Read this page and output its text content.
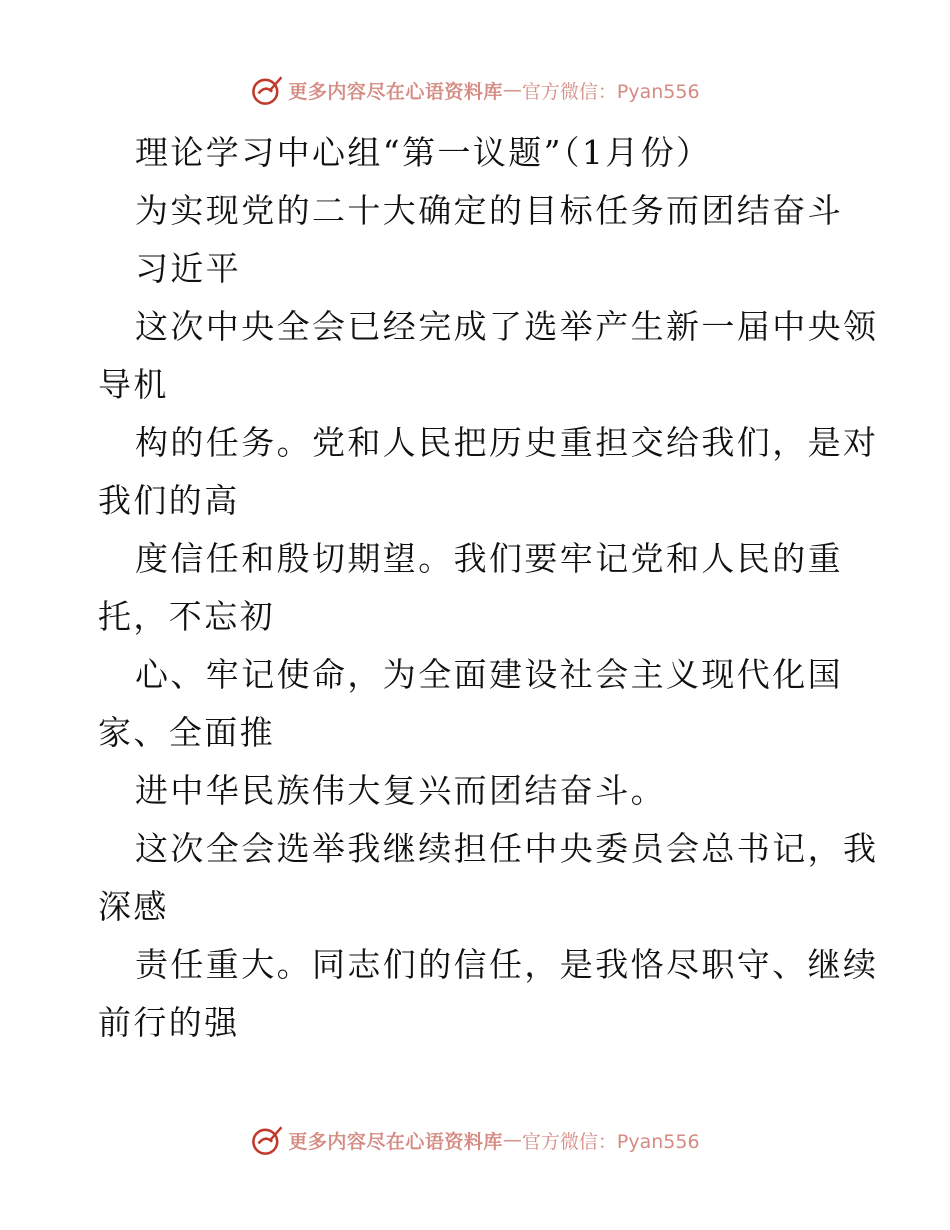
更多内容尽在心语资料库 — 官方微信：Pyan556
理论学习中心组“第一议题”（1月份）
为实现党的二十大确定的目标任务而团结奋斗
习近平
这次中央全会已经完成了选举产生新一届中央领
导机
构的任务。党和人民把历史重担交给我们，是对
我们的高
度信任和殷切期望。我们要牢记党和人民的重
托，不忘初
心、牢记使命，为全面建设社会主义现代化国
家、全面推
进中华民族伟大复兴而团结奋斗。
这次全会选举我继续担任中央委员会总书记，我
深感
责任重大。同志们的信任，是我恪尽职守、继续
前行的强
更多内容尽在心语资料库 — 官方微信：Pyan556
